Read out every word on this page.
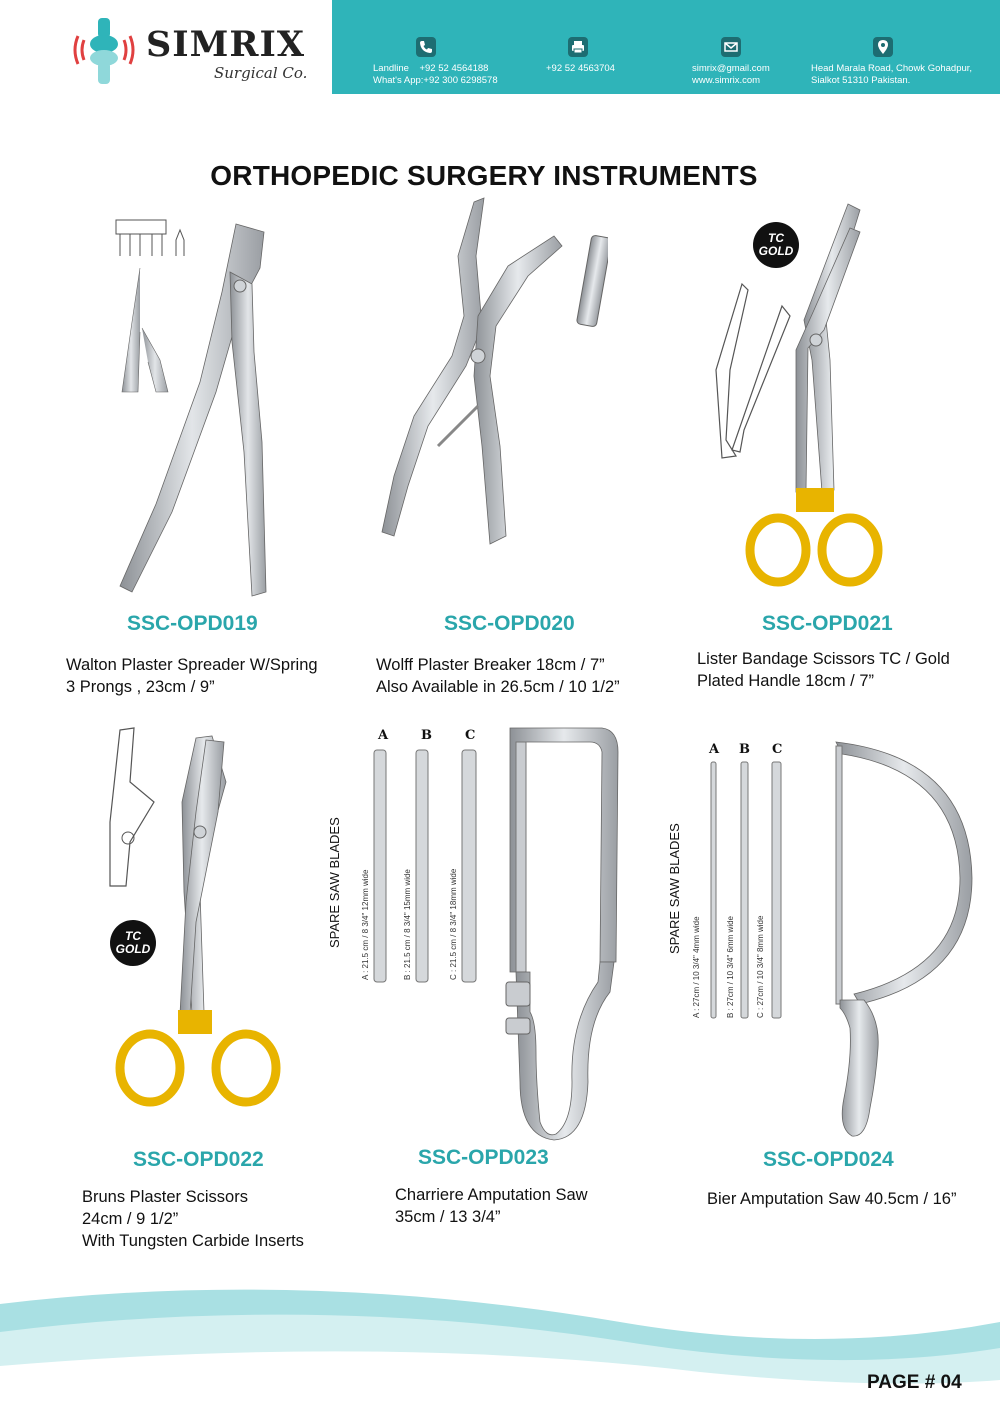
SIMRIX
Surgical Co.	Landline    +92 52 4564188
What's App:+92 300 6298578
+92 52 4563704	simrix@gmail.com
www.simrix.com
Head Marala Road, Chowk Gohadpur,
Sialkot 51310 Pakistan.
ORTHOPEDIC SURGERY INSTRUMENTS
TC
GOLD
SSC-OPD019	SSC-OPD020	SSC-OPD021
Walton Plaster Spreader W/Spring
3 Prongs , 23cm / 9”
Wolff Plaster Breaker 18cm / 7”
Also Available in 26.5cm / 10 1/2”
Lister Bandage Scissors TC / Gold
Plated Handle 18cm / 7”
TC
GOLD
SPARE SAW BLADES
A	B	C
A : 21.5 cm / 8 3/4" 12mm wide	B : 21.5 cm / 8 3/4" 15mm wide	C : 21.5 cm / 8 3/4" 18mm wide	SPARE SAW BLADES
A B C
A : 27cm / 10 3/4" 4mm wide	B : 27cm / 10 3/4" 6mm wide	C : 27cm / 10 3/4" 8mm wide
SSC-OPD022	SSC-OPD023	SSC-OPD024
Bruns Plaster Scissors
24cm / 9 1/2”
With Tungsten Carbide Inserts
Charriere Amputation Saw
35cm / 13 3/4”
Bier Amputation Saw 40.5cm / 16”
PAGE # 04
